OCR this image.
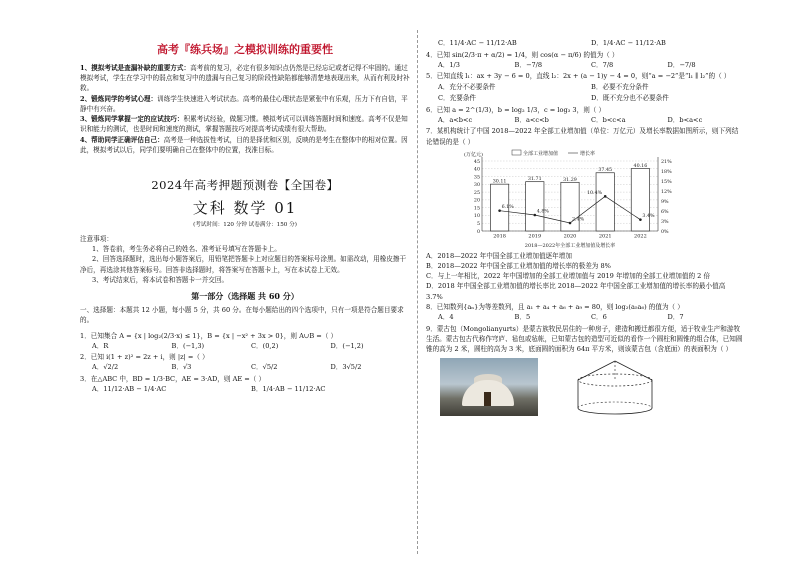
高考『练兵场』之模拟训练的重要性

1、摸拟考试是查漏补缺的重要方式：高考前的复习，必定有很多知识点仍然是已经忘记或者记得不牢固的。通过模拟考试，学生在学习中的弱点和复习中的遗漏与自己复习的阶段性缺陷都能够清楚地表现出来，从而有利及时补救。

2、锻炼同学的考试心理：训练学生快速进入考试状态。高考的最佳心理状态是紧张中有乐观，压力下有自信，平静中有兴奋。

3、锻炼同学掌握一定的应试技巧：积累考试经验，做题习惯。模拟考试可以训练答题时间和速度。高考不仅是知识和能力的测试，也是时间和速度的测试，掌握答题技巧对提高考试成绩有很大帮助。

4、帮助同学正确评估自己：高考是一种选拔性考试，目的是择优和区别，反映的是考生在整体中的相对位置。因此，模拟考试以后，同学们要明确自己在整体中的位置，找准目标。

2024年高考押题预测卷【全国卷】
文科 数学 01
(考试时间：120 分钟 试卷满分：150 分)

注意事项：

1、答卷前，考生务必将自己的姓名、准考证号填写在答题卡上。

2、回答选择题时，选出每小题答案后，用铅笔把答题卡上对应题目的答案标号涂黑。如需改动，用橡皮擦干净后，再选涂其他答案标号。回答非选择题时，将答案写在答题卡上，写在本试卷上无效。

3、考试结束后，将本试卷和答题卡一并交回。

第一部分（选择题 共 60 分）

一、选择题：本题共 12 小题，每小题 5 分，共 60 分。在每小题给出的四个选项中，只有一项是符合题目要求的。

1．已知集合 A = {x | log₂(2/3·x) ≤ 1}，B = {x | −x² + 3x > 0}，则 A∪B =（ ）

A．R	B．(−1,3)	C．(0,2)	D．(−1,2)

2．已知 i(1 + z)² = 2z + i，则 |z| =（ ）

A．√2/2	B．√3	C．√5/2	D．3√5/2

3．在△ABC 中，BD = 1/3·BC，AE = 3·AD，则 AE =（ ）

A．11/12·AB − 1/4·AC	B．1/4·AB − 11/12·AC
C．11/4·AC − 11/12·AB	D．1/4·AC − 11/12·AB

4．已知 sin(2/3·π + α/2) = 1/4，则 cos(α − π/6) 的值为（ ）

A．1/3	B．−7/8	C．7/8	D．−7/8

5．已知直线 l₁：ax + 3y − 6 = 0，直线 l₂：2x + (a − 1)y − 4 = 0，则“a = −2”是“l₁ ∥ l₂”的（ ）

A．充分不必要条件	B．必要不充分条件
C．充要条件	D．既不充分也不必要条件

6．已知 a = 2^(1/3)，b = log₂ 1/3，c = log₃ 3，则（ ）

A．a<b<c	B．a<c<b	C．b<c<a	D．b<a<c

7．某机构统计了中国 2018—2022 年全部工业增加值（单位：万亿元）及增长率数据如图所示，则下列结论错误的是（ ）

(万亿元)	全部工业增加值	增长率
0
5
10
15
20
25
30
35
40
45
0%
3%
6%
9%
12%
15%
18%
21%
30.11
2018
31.71
2019
31.29
2020
37.45
2021
40.16
2022
6.1%
4.8%
2.4%
10.4%
3.4%
2018—2022年全部工业增加值及增长率

A．2018—2022 年中国全部工业增加值逐年增加

B．2018—2022 年中国全部工业增加值的增长率的极差为 8%

C．与上一年相比，2022 年中国增加的全部工业增加值与 2019 年增加的全部工业增加值的 2 倍

D．2018 年中国全部工业增加值的增长率比 2018—2022 年中国全部工业增加值的增长率的最小值高 3.7%

8．已知数列{aₙ}为等差数列，且 a₁ + a₄ + a₆ + a₉ = 80，则 log₂(a₅a₆) 的值为（ ）

A．4	B．5	C．6	D．7

9．蒙古包（Mongolianyurts）是蒙古族牧民居住的一种房子，建造和搬迁都很方便，适于牧业生产和游牧生活。蒙古包古代称作穹庐、毡包或毡帐，已知蒙古包的造型可近似的看作一个圆柱和圆锥的组合体，已知圆锥的高为 2 米，圆柱的高为 3 米，底面圆的面积为 64π 平方米，则该蒙古包（含底面）的表面积为（ ）
